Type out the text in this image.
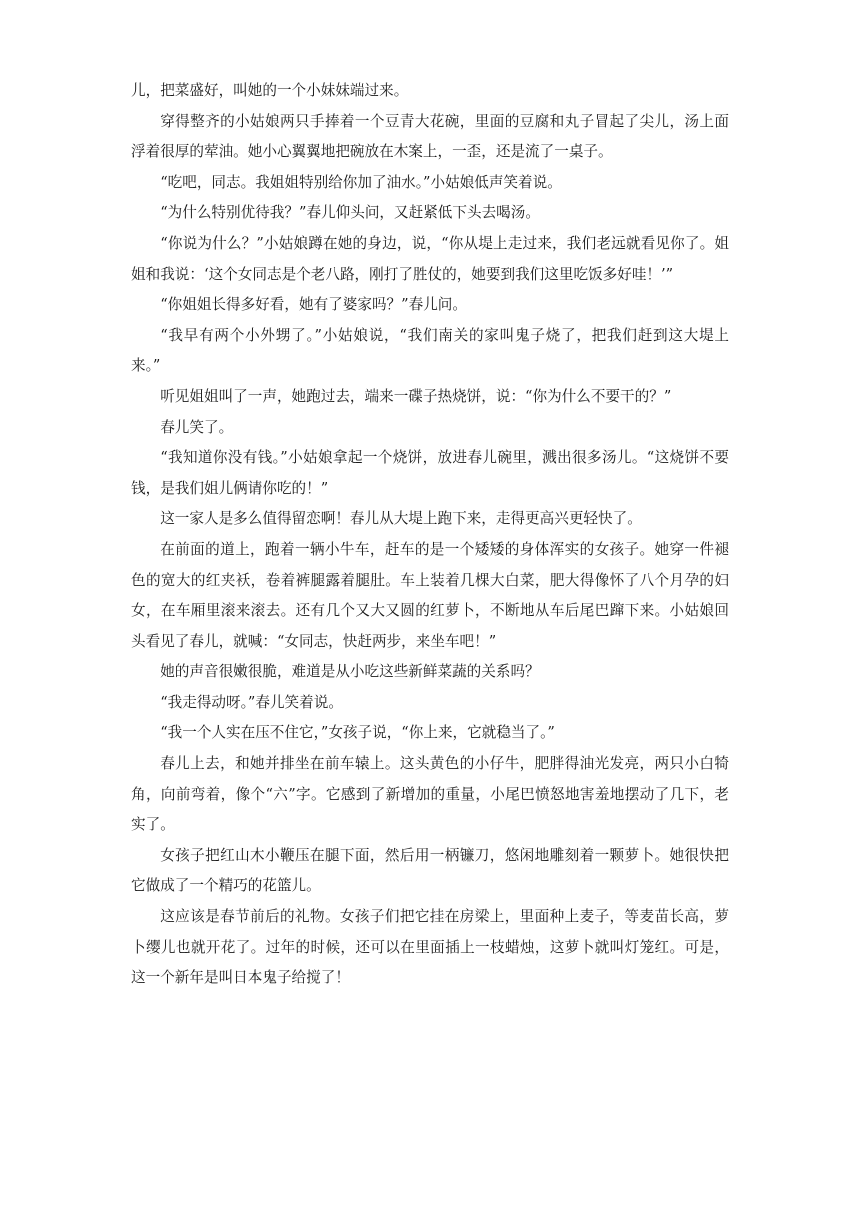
儿，把菜盛好，叫她的一个小妹妹端过来。

穿得整齐的小姑娘两只手捧着一个豆青大花碗，里面的豆腐和丸子冒起了尖儿，汤上面浮着很厚的荤油。她小心翼翼地把碗放在木案上，一歪，还是流了一桌子。

“吃吧，同志。我姐姐特别给你加了油水。”小姑娘低声笑着说。

“为什么特别优待我？”春儿仰头问，又赶紧低下头去喝汤。

“你说为什么？”小姑娘蹲在她的身边，说，“你从堤上走过来，我们老远就看见你了。姐姐和我说：‘这个女同志是个老八路，刚打了胜仗的，她要到我们这里吃饭多好哇！’”

“你姐姐长得多好看，她有了婆家吗？”春儿问。

“我早有两个小外甥了。”小姑娘说，“我们南关的家叫鬼子烧了，把我们赶到这大堤上来。”

听见姐姐叫了一声，她跑过去，端来一碟子热烧饼，说：“你为什么不要干的？”

春儿笑了。

“我知道你没有钱。”小姑娘拿起一个烧饼，放进春儿碗里，溅出很多汤儿。“这烧饼不要钱，是我们姐儿俩请你吃的！”

这一家人是多么值得留恋啊！春儿从大堤上跑下来，走得更高兴更轻快了。

在前面的道上，跑着一辆小牛车，赶车的是一个矮矮的身体浑实的女孩子。她穿一件褪色的宽大的红夹袄，卷着裤腿露着腿肚。车上装着几棵大白菜，肥大得像怀了八个月孕的妇女，在车厢里滚来滚去。还有几个又大又圆的红萝卜，不断地从车后尾巴蹿下来。小姑娘回头看见了春儿，就喊：“女同志，快赶两步，来坐车吧！”

她的声音很嫩很脆，难道是从小吃这些新鲜菜蔬的关系吗？

“我走得动呀。”春儿笑着说。

“我一个人实在压不住它，”女孩子说，“你上来，它就稳当了。”

春儿上去，和她并排坐在前车辕上。这头黄色的小仔牛，肥胖得油光发亮，两只小白犄角，向前弯着，像个“六”字。它感到了新增加的重量，小尾巴愤怒地害羞地摆动了几下，老实了。

女孩子把红山木小鞭压在腿下面，然后用一柄镰刀，悠闲地雕刻着一颗萝卜。她很快把它做成了一个精巧的花篮儿。

这应该是春节前后的礼物。女孩子们把它挂在房梁上，里面种上麦子，等麦苗长高，萝卜缨儿也就开花了。过年的时候，还可以在里面插上一枝蜡烛，这萝卜就叫灯笼红。可是，这一个新年是叫日本鬼子给搅了！
